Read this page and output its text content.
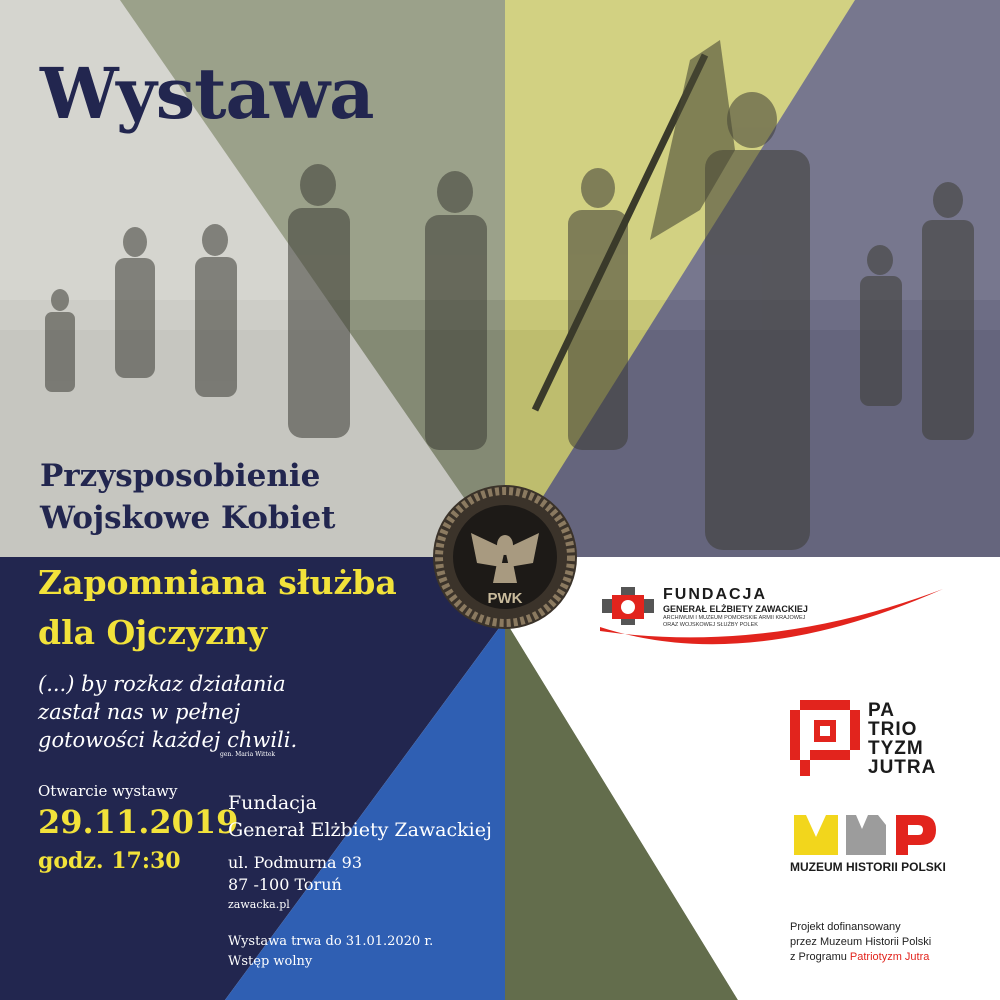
Wystawa
Przysposobienie
Wojskowe Kobiet
Zapomniana służba
dla Ojczyzny
(...) by rozkaz działania
zastał nas w pełnej
gotowości każdej chwili.
gen. Maria Wittek
Otwarcie wystawy
29.11.2019
godz. 17:30
Fundacja
Generał Elżbiety Zawackiej
ul. Podmurna 93
87 -100 Toruń
zawacka.pl
Wystawa trwa do 31.01.2020 r.
Wstęp wolny
PWK	FUNDACJA
GENERAŁ ELŻBIETY ZAWACKIEJ
ARCHIWUM I MUZEUM POMORSKIE ARMII KRAJOWEJ
ORAZ WOJSKOWEJ SŁUŻBY POLEK
PA
TRIO
TYZM
JUTRA
MUZEUM HISTORII POLSKI
Projekt dofinansowany
przez Muzeum Historii Polski
z Programu Patriotyzm Jutra
